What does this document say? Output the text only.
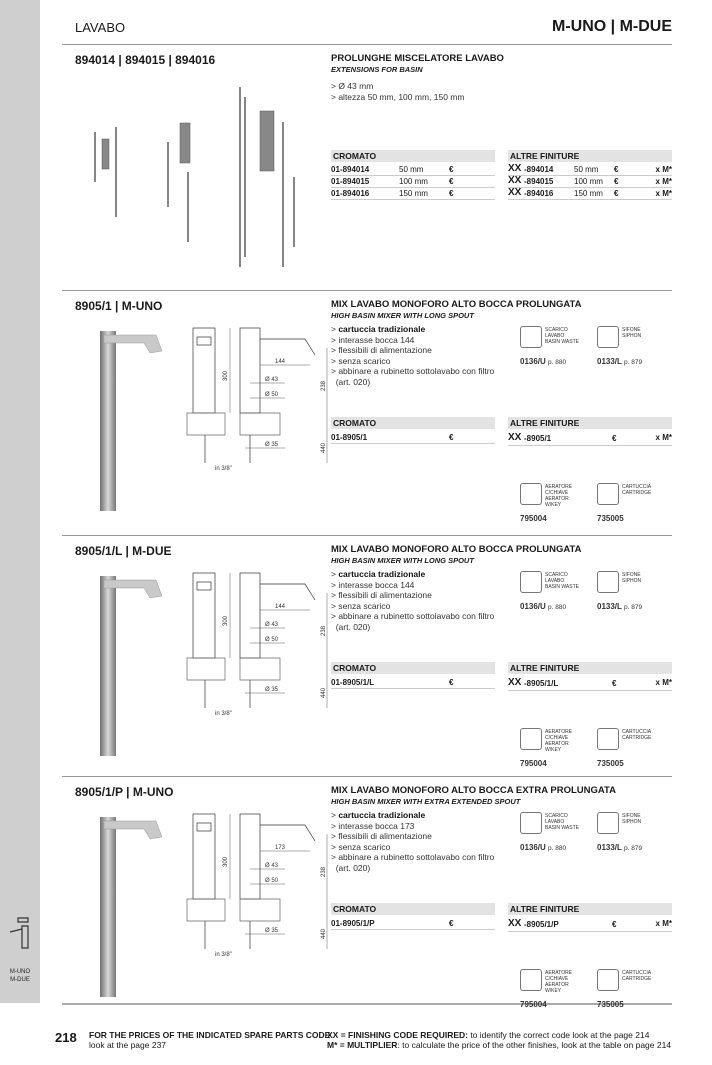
M-UNO
M-DUE
LAVABO	M-UNO | M-DUE
894014 | 894015 | 894016	PROLUNGHE MISCELATORE LAVABO
EXTENSIONS FOR BASIN
> Ø 43 mm
> altezza 50 mm, 100 mm, 150 mm
CROMATO	ALTRE FINITURE
01-894014	50 mm	€
01-894015	100 mm	€
01-894016	150 mm	€
XX -894014	50 mm €	x M*
XX -894015	100 mm €	x M*
XX -894016	150 mm €	x M*
8905/1 | M-UNO	MIX LAVABO MONOFORO ALTO BOCCA PROLUNGATA
HIGH BASIN MIXER WITH LONG SPOUT
> cartuccia tradizionale
> interasse bocca 144
> flessibili di alimentazione
> senza scarico
> abbinare a rubinetto sottolavabo con filtro
(art. 020)
300
144
238
Ø 43
Ø 50
Ø 35	440
in 3/8"
SCARICO LAVABO
BASIN WASTE
0136/U p. 880
SIFONE
SIPHON
0133/L p. 879
CROMATO	ALTRE FINITURE
01-8905/1	€	XX -8905/1	€	x M*
AERATORE C/CHIAVE
AERATOR W/KEY
795004
CARTUCCIA
CARTRIDGE
735005
8905/1/L | M-DUE	MIX LAVABO MONOFORO ALTO BOCCA PROLUNGATA
HIGH BASIN MIXER WITH LONG SPOUT
> cartuccia tradizionale
> interasse bocca 144
> flessibili di alimentazione
> senza scarico
> abbinare a rubinetto sottolavabo con filtro
(art. 020)
300
144
238
Ø 43
Ø 50
Ø 35	440
in 3/8"
SCARICO LAVABO
BASIN WASTE
0136/U p. 880
SIFONE
SIPHON
0133/L p. 879
CROMATO	ALTRE FINITURE
01-8905/1/L	€	XX -8905/1/L	€	x M*
AERATORE C/CHIAVE
AERATOR W/KEY
795004
CARTUCCIA
CARTRIDGE
735005
8905/1/P | M-UNO	MIX LAVABO MONOFORO ALTO BOCCA EXTRA PROLUNGATA
HIGH BASIN MIXER WITH EXTRA EXTENDED SPOUT
> cartuccia tradizionale
> interasse bocca 173
> flessibili di alimentazione
> senza scarico
> abbinare a rubinetto sottolavabo con filtro
(art. 020)
300
173
238
Ø 43
Ø 50
Ø 35	440
in 3/8"
SCARICO LAVABO
BASIN WASTE
0136/U p. 880
SIFONE
SIPHON
0133/L p. 879
CROMATO	ALTRE FINITURE
01-8905/1/P	€	XX -8905/1/P	€	x M*
AERATORE C/CHIAVE
AERATOR W/KEY
795004
CARTUCCIA
CARTRIDGE
735005
218 FOR THE PRICES OF THE INDICATED SPARE PARTS CODE
look at the page 237
XX = FINISHING CODE REQUIRED: to identify the correct code look at the page 214
M* = MULTIPLIER: to calculate the price of the other finishes, look at the table on page 214
